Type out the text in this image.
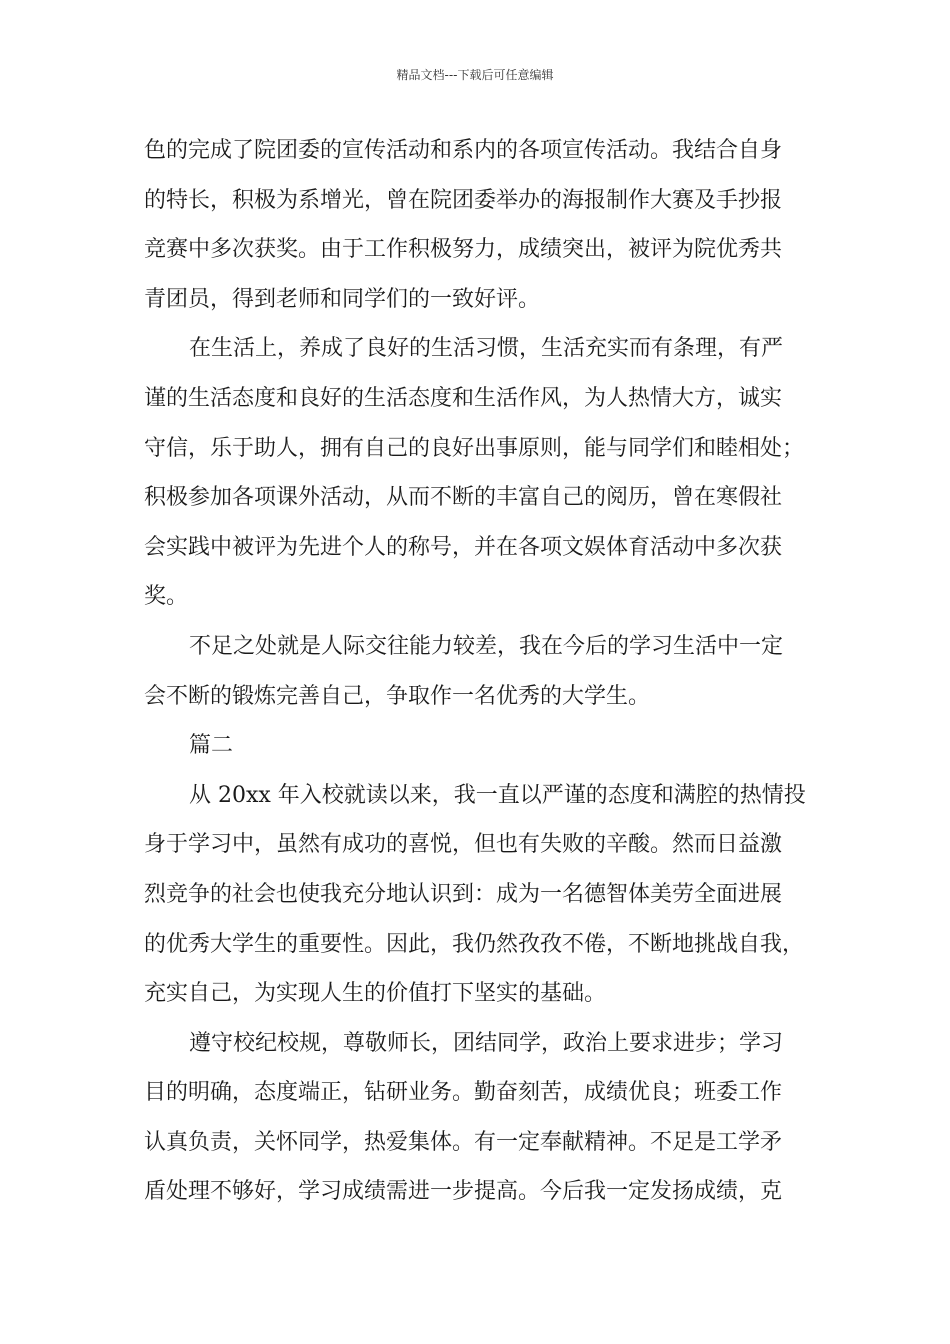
精品文档---下载后可任意编辑
色的完成了院团委的宣传活动和系内的各项宣传活动。我结合自身
的特长，积极为系增光，曾在院团委举办的海报制作大赛及手抄报
竞赛中多次获奖。由于工作积极努力，成绩突出，被评为院优秀共
青团员，得到老师和同学们的一致好评。
在生活上，养成了良好的生活习惯，生活充实而有条理，有严
谨的生活态度和良好的生活态度和生活作风，为人热情大方，诚实
守信，乐于助人，拥有自己的良好出事原则，能与同学们和睦相处；
积极参加各项课外活动，从而不断的丰富自己的阅历，曾在寒假社
会实践中被评为先进个人的称号，并在各项文娱体育活动中多次获
奖。
不足之处就是人际交往能力较差，我在今后的学习生活中一定
会不断的锻炼完善自己，争取作一名优秀的大学生。
篇二
从 20xx 年入校就读以来，我一直以严谨的态度和满腔的热情投
身于学习中，虽然有成功的喜悦，但也有失败的辛酸。然而日益激
烈竞争的社会也使我充分地认识到：成为一名德智体美劳全面进展
的优秀大学生的重要性。因此，我仍然孜孜不倦，不断地挑战自我，
充实自己，为实现人生的价值打下坚实的基础。
遵守校纪校规，尊敬师长，团结同学，政治上要求进步；学习
目的明确，态度端正，钻研业务。勤奋刻苦，成绩优良；班委工作
认真负责，关怀同学，热爱集体。有一定奉献精神。不足是工学矛
盾处理不够好，学习成绩需进一步提高。今后我一定发扬成绩，克
